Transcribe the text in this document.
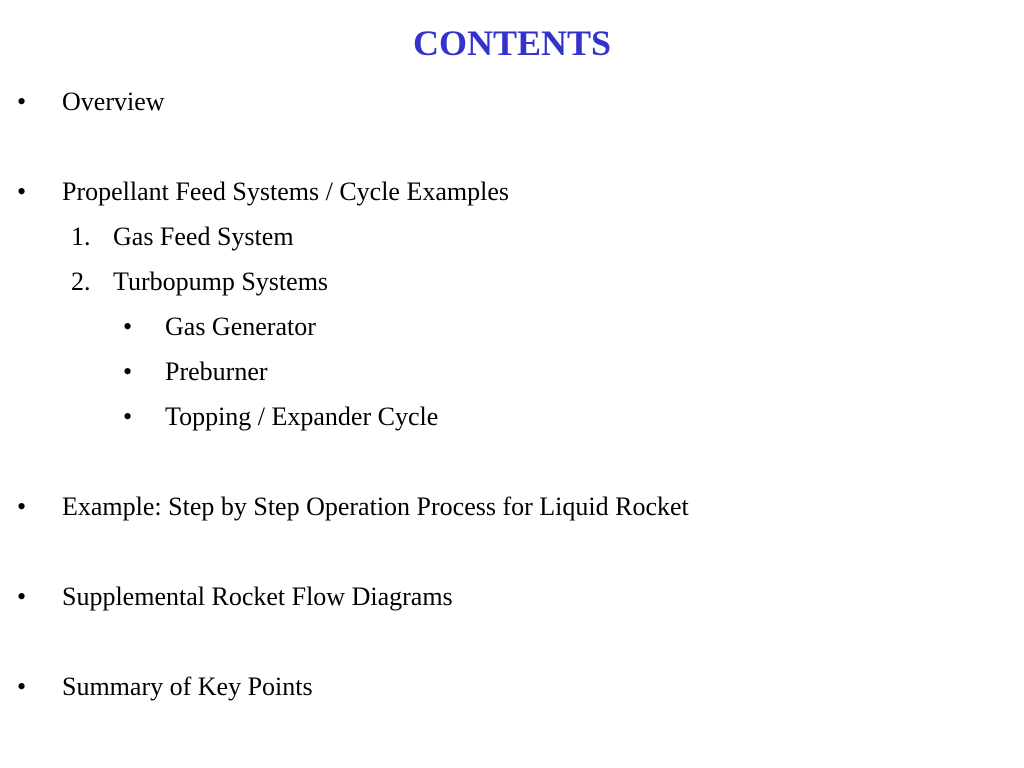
CONTENTS
• Overview
• Propellant Feed Systems / Cycle Examples
1. Gas Feed System
2. Turbopump Systems
• Gas Generator
• Preburner
• Topping / Expander Cycle
• Example: Step by Step Operation Process for Liquid Rocket
• Supplemental Rocket Flow Diagrams
• Summary of Key Points
